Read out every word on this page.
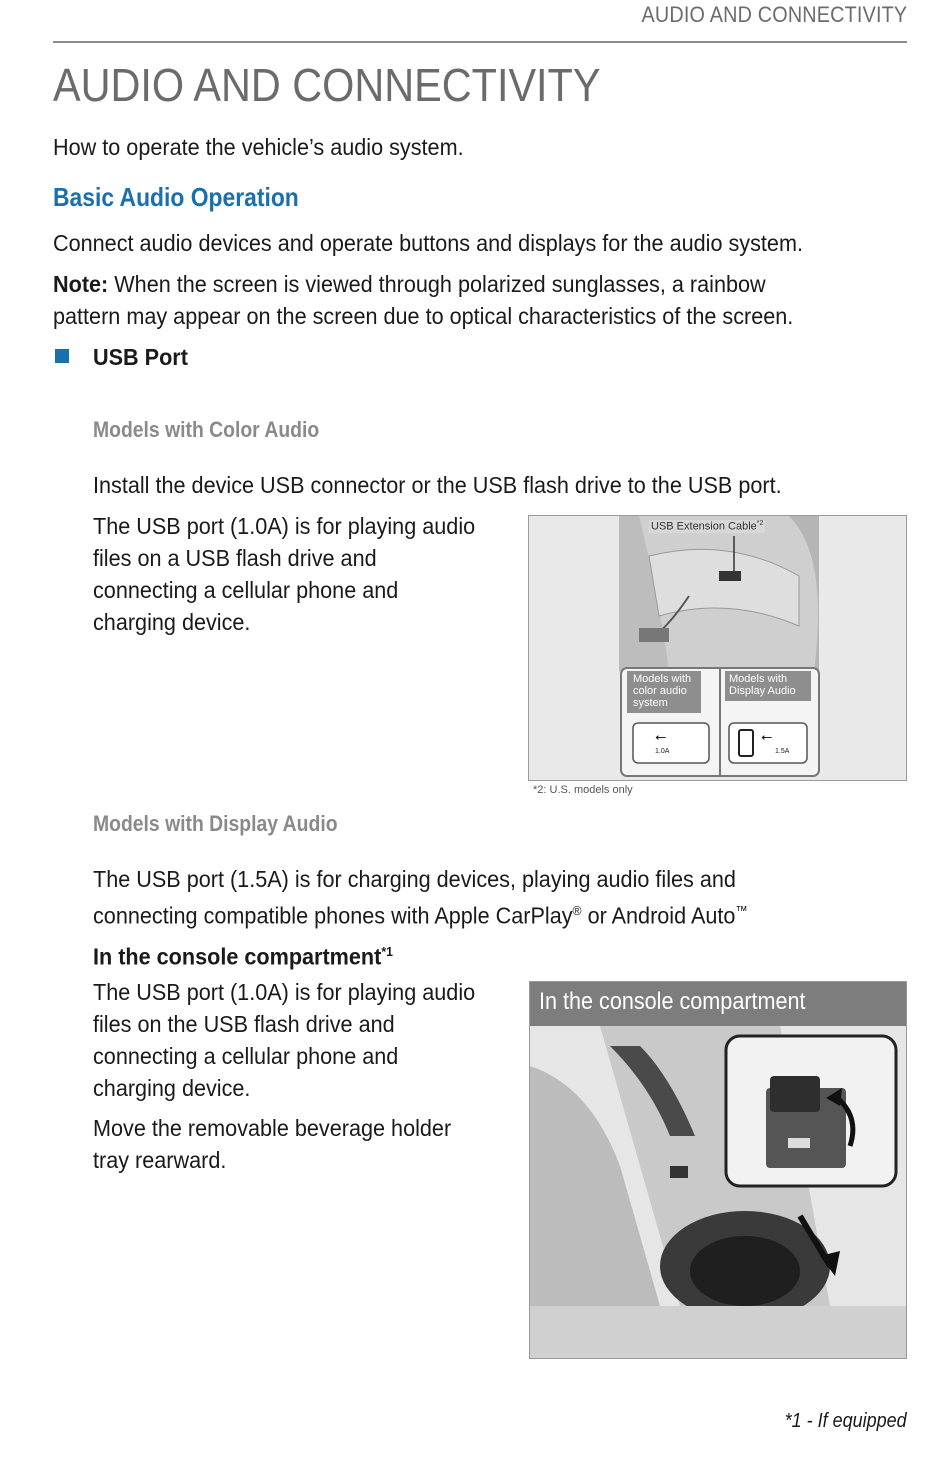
AUDIO AND CONNECTIVITY
AUDIO AND CONNECTIVITY
How to operate the vehicle’s audio system.
Basic Audio Operation
Connect audio devices and operate buttons and displays for the audio system.
Note: When the screen is viewed through polarized sunglasses, a rainbow
pattern may appear on the screen due to optical characteristics of the screen.
USB Port
Models with Color Audio
Install the device USB connector or the USB flash drive to the USB port.
The USB port (1.0A) is for playing audio
files on a USB flash drive and
connecting a cellular phone and
charging device.
USB Extension Cable$^{*2}$
Models with color audio system
Models with Display Audio
⭠	⭠
1.0A	1.5A
*2: U.S. models only
Models with Display Audio
The USB port (1.5A) is for charging devices, playing audio files and
connecting compatible phones with Apple CarPlay® or Android Auto™
In the console compartment$^{*1}$
The USB port (1.0A) is for playing audio
files on the USB flash drive and
connecting a cellular phone and
charging device.
Move the removable beverage holder
tray rearward.
In the console compartment
*1 - If equipped
